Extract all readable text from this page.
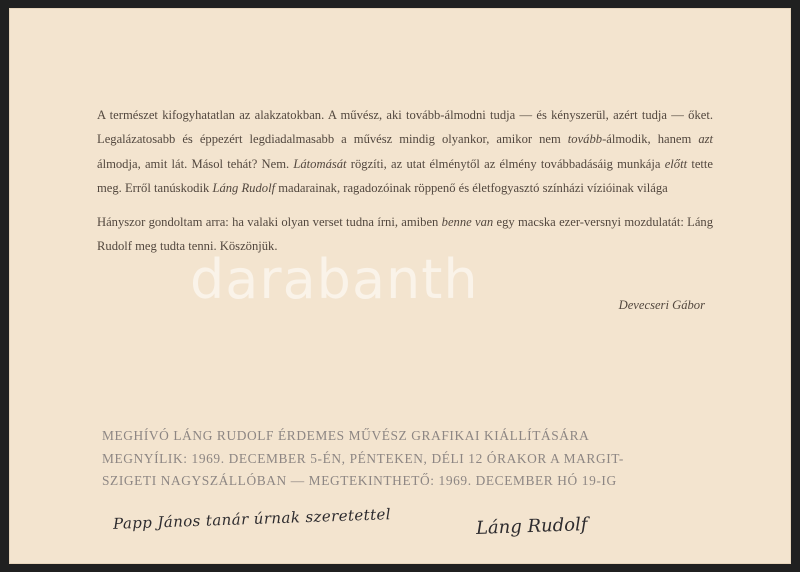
A természet kifogyhatatlan az alakzatokban. A művész, aki tovább-álmodni tudja — és kényszerül, azért tudja — őket. Legalázatosabb és éppezért legdiadalmasabb a művész mindig olyankor, amikor nem tovább-álmodik, hanem azt álmodja, amit lát. Másol tehát? Nem. Látomását rögzíti, az utat élménytől az élmény továbbadásáig munkája előtt tette meg. Erről tanúskodik Láng Rudolf madarainak, ragadozóinak röppenő és életfogyasztó színházi vízióinak világa

Hányszor gondoltam arra: ha valaki olyan verset tudna írni, amiben benne van egy macska ezer-versnyi mozdulatát: Láng Rudolf meg tudta tenni. Köszönjük.

Devecseri Gábor
MEGHÍVÓ LÁNG RUDOLF ÉRDEMES MŰVÉSZ GRAFIKAI KIÁLLÍTÁSÁRA
MEGNYÍLIK: 1969. DECEMBER 5-ÉN, PÉNTEKEN, DÉLI 12 ÓRAKOR A MARGIT-
SZIGETI NAGYSZÁLLÓBAN — MEGTEKINTHETŐ: 1969. DECEMBER HÓ 19-IG
Papp János tanár úrnak szeretettel	Láng Rudolf
darabanth
